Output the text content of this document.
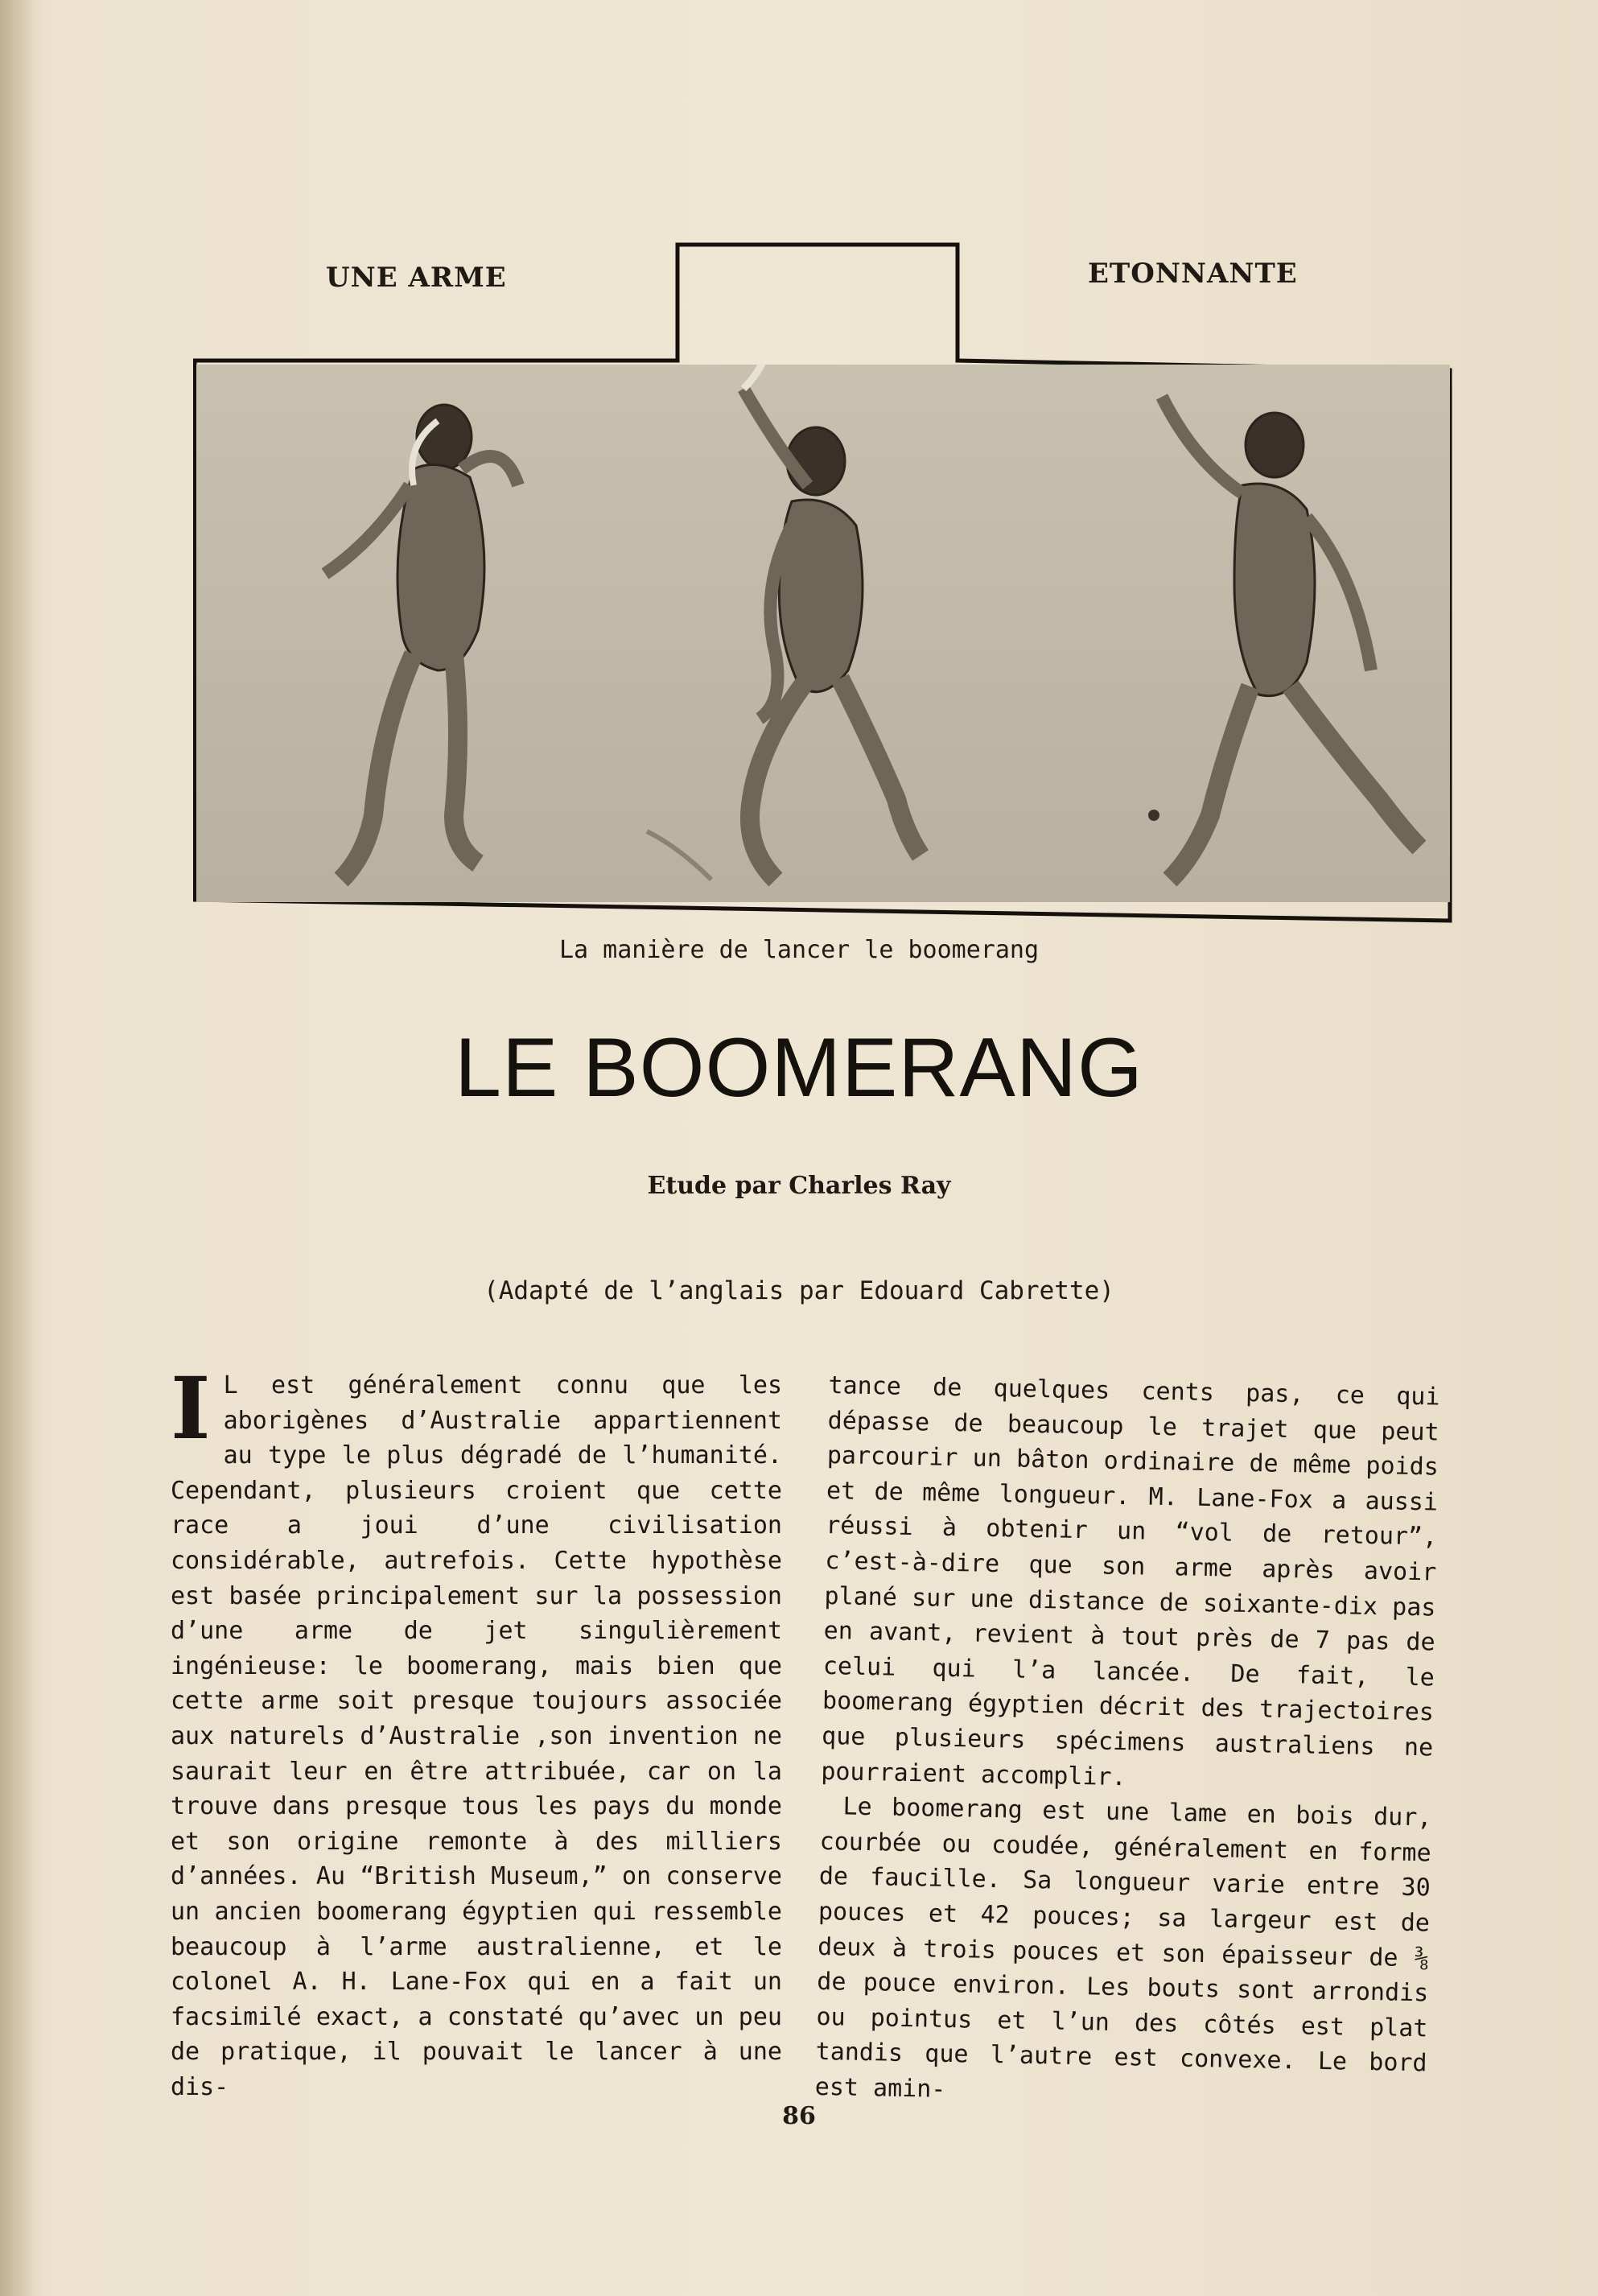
UNE ARME	ETONNANTE
La manière de lancer le boomerang
LE BOOMERANG
Etude par Charles Ray
(Adapté de l’anglais par Edouard Cabrette)

I L est généralement connu que les aborigènes d’Australie appartiennent au type le plus dégradé de l’humanité. Cependant, plusieurs croient que cette race a joui d’une civilisation considérable, autrefois. Cette hypothèse est basée principalement sur la possession d’une arme de jet singulièrement ingénieuse: le boomerang, mais bien que cette arme soit presque toujours associée aux naturels d’Australie ,son invention ne saurait leur en être attribuée, car on la trouve dans presque tous les pays du monde et son origine remonte à des milliers d’années. Au “British Museum,” on conserve un ancien boomerang égyptien qui ressemble beaucoup à l’arme australienne, et le colonel A. H. Lane-Fox qui en a fait un facsimilé exact, a constaté qu’avec un peu de pratique, il pouvait le lancer à une dis-

tance de quelques cents pas, ce qui dépasse de beaucoup le trajet que peut parcourir un bâton ordinaire de même poids et de même longueur. M. Lane-Fox a aussi réussi à obtenir un “vol de retour”, c’est-à-dire que son arme après avoir plané sur une distance de soixante-dix pas en avant, revient à tout près de 7 pas de celui qui l’a lancée. De fait, le boomerang égyptien décrit des trajectoires que plusieurs spécimens australiens ne pourraient accomplir.

Le boomerang est une lame en bois dur, courbée ou coudée, généralement en forme de faucille. Sa longueur varie entre 30 pouces et 42 pouces; sa largeur est de deux à trois pouces et son épaisseur de ⅜ de pouce environ. Les bouts sont arrondis ou pointus et l’un des côtés est plat tandis que l’autre est convexe. Le bord est amin-

86
